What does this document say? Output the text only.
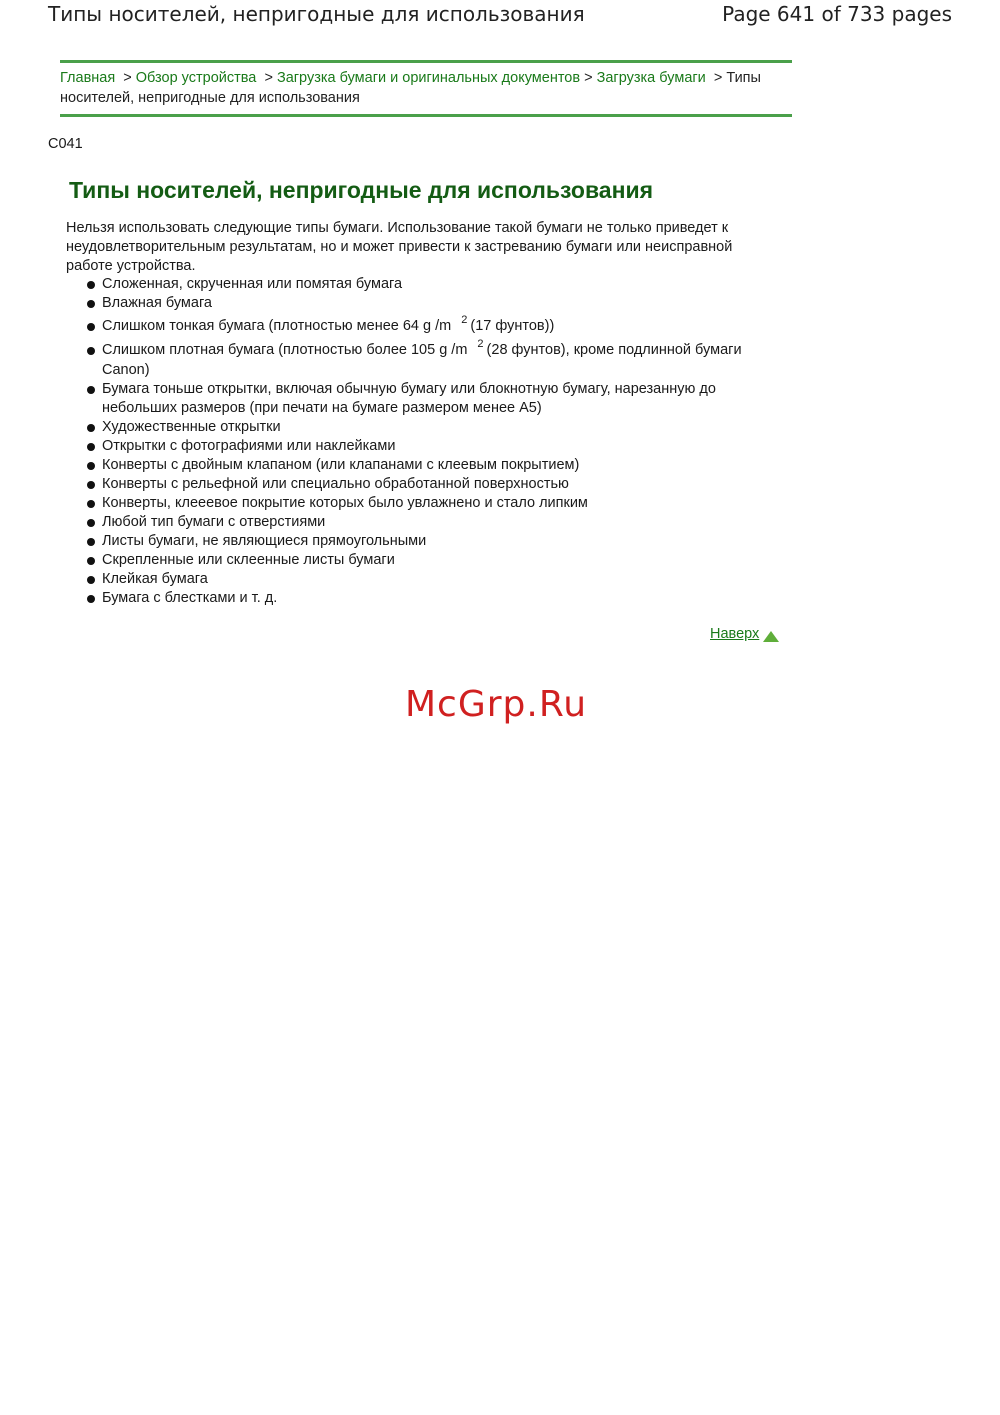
Типы носителей, непригодные для использования	Page 641 of 733 pages
Главная > Обзор устройства > Загрузка бумаги и оригинальных документов > Загрузка бумаги > Типы носителей, непригодные для использования
C041
Типы носителей, непригодные для использования

Нельзя использовать следующие типы бумаги. Использование такой бумаги не только приведет к неудовлетворительным результатам, но и может привести к застреванию бумаги или неисправной работе устройства.

Сложенная, скрученная или помятая бумага
Влажная бумага
Слишком тонкая бумага (плотностью менее 64 g /m $^2$ (17 фунтов))
Слишком плотная бумага (плотностью более 105 g /m $^2$ (28 фунтов), кроме подлинной бумаги Canon)
Бумага тоньше открытки, включая обычную бумагу или блокнотную бумагу, нарезанную до небольших размеров (при печати на бумаге размером менее A5)
Художественные открытки
Открытки с фотографиями или наклейками
Конверты с двойным клапаном (или клапанами с клеевым покрытием)
Конверты с рельефной или специально обработанной поверхностью
Конверты, клееевое покрытие которых было увлажнено и стало липким
Любой тип бумаги с отверстиями
Листы бумаги, не являющиеся прямоугольными
Скрепленные или склеенные листы бумаги
Клейкая бумага
Бумага с блестками и т. д.
Наверх
McGrp.Ru
